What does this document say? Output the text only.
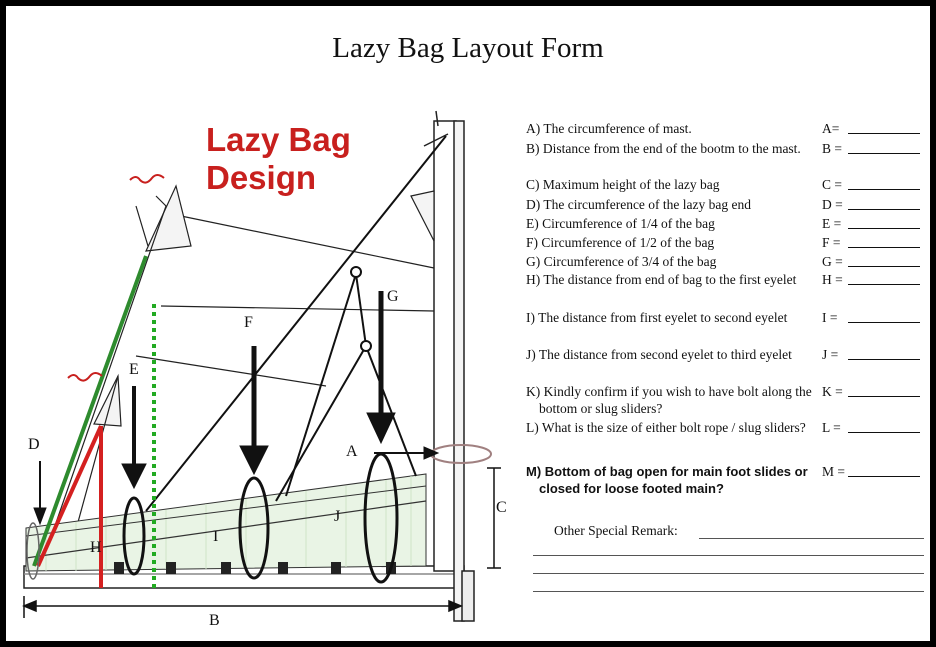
Lazy Bag Layout Form
Lazy Bag
Design
D
E
F
G
A
C
B
H
I
J
A) The circumference of mast.	A=
B) Distance from the end of the bootm to the mast.	B =
C) Maximum height of the lazy bag	C =
D) The circumference of the lazy bag end	D =
E) Circumference of 1/4 of the bag	E =
F) Circumference of 1/2 of the bag	F =
G) Circumference of 3/4 of the bag	G =
H) The distance from end of bag to the first eyelet	H =
I) The distance from first eyelet to second eyelet	I =
J) The distance from second eyelet to third eyelet	J =
K) Kindly confirm if you wish to have bolt along the bottom or slug sliders?
K =
L) What is the size of either bolt rope / slug sliders?	L =
M) Bottom of bag open for main foot slides or closed for loose footed main?
M =
Other Special Remark:
